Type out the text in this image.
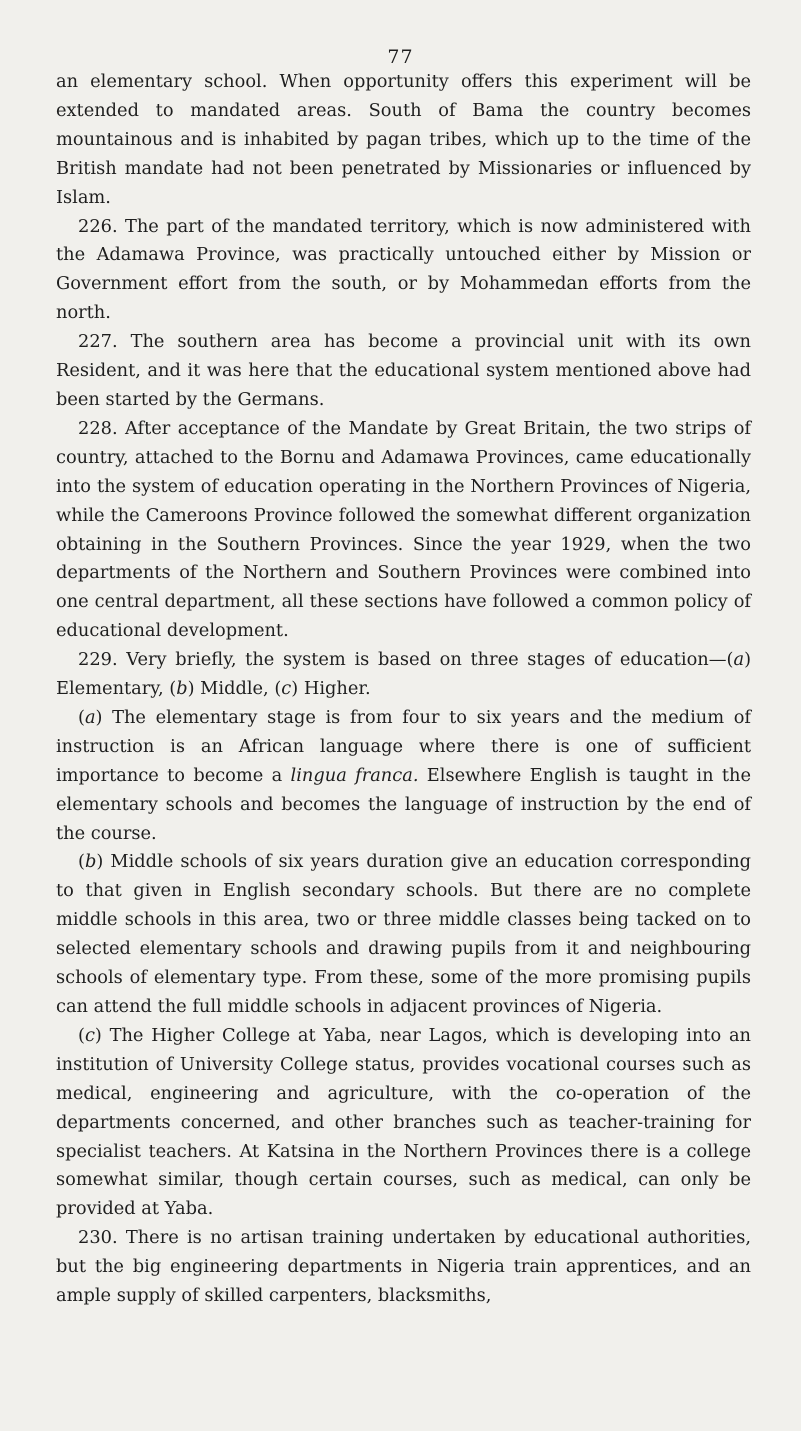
77

an elementary school. When opportunity offers this experiment will be extended to mandated areas. South of Bama the country becomes mountainous and is inhabited by pagan tribes, which up to the time of the British mandate had not been penetrated by Missionaries or influenced by Islam.

226. The part of the mandated territory, which is now administered with the Adamawa Province, was practically untouched either by Mission or Government effort from the south, or by Mohammedan efforts from the north.

227. The southern area has become a provincial unit with its own Resident, and it was here that the educational system mentioned above had been started by the Germans.

228. After acceptance of the Mandate by Great Britain, the two strips of country, attached to the Bornu and Adamawa Provinces, came educationally into the system of education operating in the Northern Provinces of Nigeria, while the Cameroons Province followed the somewhat different organization obtaining in the Southern Provinces. Since the year 1929, when the two departments of the Northern and Southern Provinces were combined into one central department, all these sections have followed a common policy of educational development.

229. Very briefly, the system is based on three stages of education—(a) Elementary, (b) Middle, (c) Higher.

(a) The elementary stage is from four to six years and the medium of instruction is an African language where there is one of sufficient importance to become a lingua franca. Elsewhere English is taught in the elementary schools and becomes the language of instruction by the end of the course.

(b) Middle schools of six years duration give an education corresponding to that given in English secondary schools. But there are no complete middle schools in this area, two or three middle classes being tacked on to selected elementary schools and drawing pupils from it and neighbouring schools of elementary type. From these, some of the more promising pupils can attend the full middle schools in adjacent provinces of Nigeria.

(c) The Higher College at Yaba, near Lagos, which is developing into an institution of University College status, provides vocational courses such as medical, engineering and agriculture, with the co-operation of the departments concerned, and other branches such as teacher-training for specialist teachers. At Katsina in the Northern Provinces there is a college somewhat similar, though certain courses, such as medical, can only be provided at Yaba.

230. There is no artisan training undertaken by educational authorities, but the big engineering departments in Nigeria train apprentices, and an ample supply of skilled carpenters, blacksmiths,
